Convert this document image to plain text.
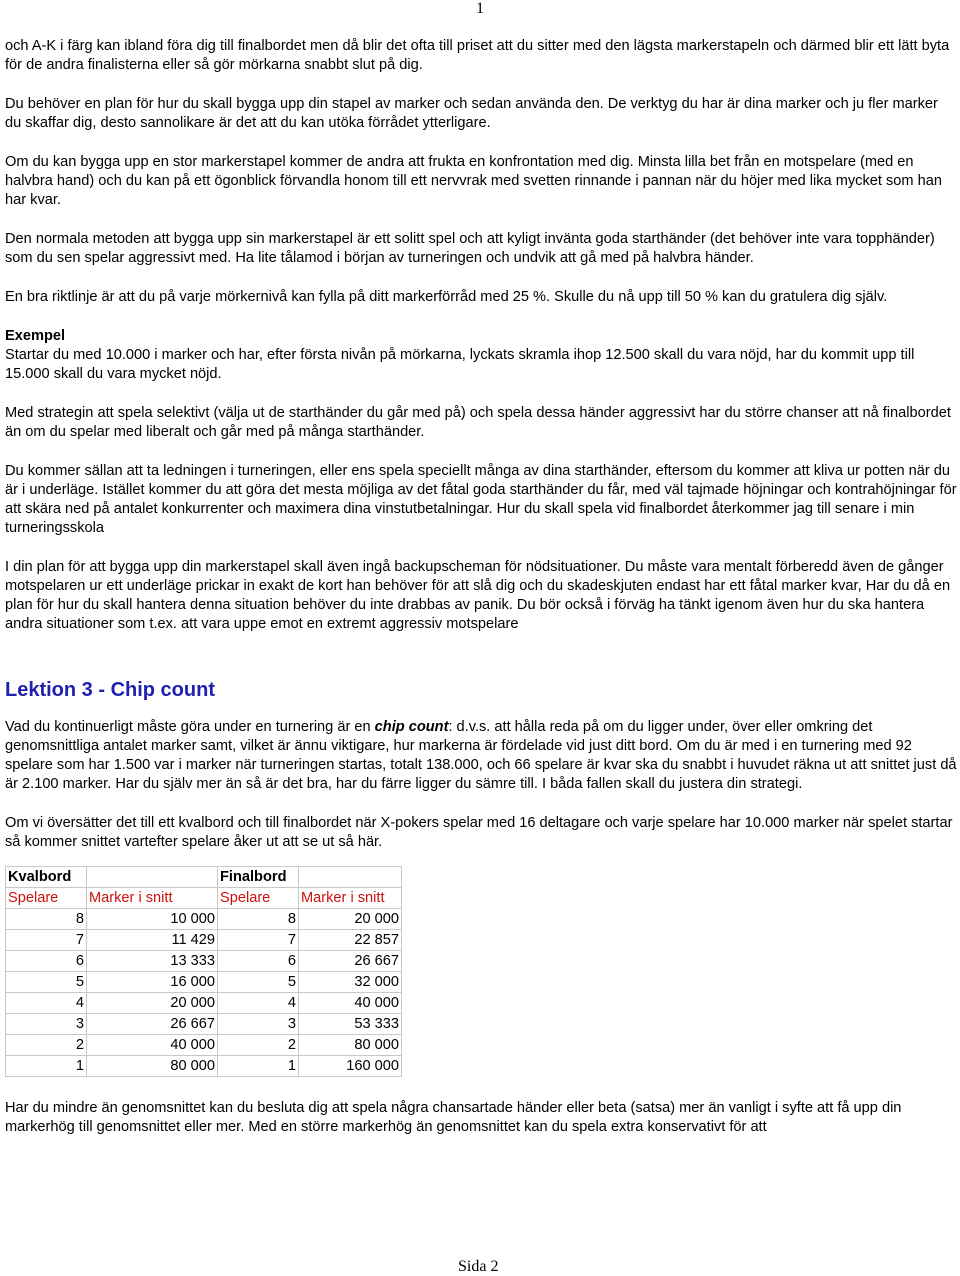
1

och A-K i färg kan ibland föra dig till finalbordet men då blir det ofta till priset att du sitter med den lägsta markerstapeln och därmed blir ett lätt byta för de andra finalisterna eller så gör mörkarna snabbt slut på dig.

Du behöver en plan för hur du skall bygga upp din stapel av marker och sedan använda den. De verktyg du har är dina marker och ju fler marker du skaffar dig, desto sannolikare är det att du kan utöka förrådet ytterligare.

Om du kan bygga upp en stor markerstapel kommer de andra att frukta en konfrontation med dig. Minsta lilla bet från en motspelare (med en halvbra hand) och du kan på ett ögonblick förvandla honom till ett nervvrak med svetten rinnande i pannan när du höjer med lika mycket som han har kvar.

Den normala metoden att bygga upp sin markerstapel är ett solitt spel och att kyligt invänta goda starthänder (det behöver inte vara topphänder) som du sen spelar aggressivt med. Ha lite tålamod i början av turneringen och undvik att gå med på halvbra händer.

En bra riktlinje är att du på varje mörkernivå kan fylla på ditt markerförråd med 25 %. Skulle du nå upp till 50 % kan du gratulera dig själv.

Exempel

Startar du med 10.000 i marker och har, efter första nivån på mörkarna, lyckats skramla ihop 12.500 skall du vara nöjd, har du kommit upp till 15.000 skall du vara mycket nöjd.

Med strategin att spela selektivt (välja ut de starthänder du går med på) och spela dessa händer aggressivt har du större chanser att nå finalbordet än om du spelar med liberalt och går med på många starthänder.

Du kommer sällan att ta ledningen i turneringen, eller ens spela speciellt många av dina starthänder, eftersom du kommer att kliva ur potten när du är i underläge. Istället kommer du att göra det mesta möjliga av det fåtal goda starthänder du får, med väl tajmade höjningar och kontrahöjningar för att skära ned på antalet konkurrenter och maximera dina vinstutbetalningar. Hur du skall spela vid finalbordet återkommer jag till senare i min turneringsskola

I din plan för att bygga upp din markerstapel skall även ingå backupscheman för nödsituationer. Du måste vara mentalt förberedd även de gånger motspelaren ur ett underläge prickar in exakt de kort han behöver för att slå dig och du skadeskjuten endast har ett fåtal marker kvar, Har du då en plan för hur du skall hantera denna situation behöver du inte drabbas av panik. Du bör också i förväg ha tänkt igenom även hur du ska hantera andra situationer som t.ex. att vara uppe emot en extremt aggressiv motspelare

Lektion 3 - Chip count

Vad du kontinuerligt måste göra under en turnering är en chip count: d.v.s. att hålla reda på om du ligger under, över eller omkring det genomsnittliga antalet marker samt, vilket är ännu viktigare, hur markerna är fördelade vid just ditt bord. Om du är med i en turnering med 92 spelare som har 1.500 var i marker när turneringen startas, totalt 138.000, och 66 spelare är kvar ska du snabbt i huvudet räkna ut att snittet just då är 2.100 marker. Har du själv mer än så är det bra, har du färre ligger du sämre till. I båda fallen skall du justera din strategi.

Om vi översätter det till ett kvalbord och till finalbordet när X-pokers spelar med 16 deltagare och varje spelare har 10.000 marker när spelet startar så kommer snittet vartefter spelare åker ut att se ut så här.

Kvalbord		Finalbord	
Spelare	Marker i snitt	Spelare	Marker i snitt
8	10 000	8	20 000
7	11 429	7	22 857
6	13 333	6	26 667
5	16 000	5	32 000
4	20 000	4	40 000
3	26 667	3	53 333
2	40 000	2	80 000
1	80 000	1	160 000

Har du mindre än genomsnittet kan du besluta dig att spela några chansartade händer eller beta (satsa) mer än vanligt i syfte att få upp din markerhög till genomsnittet eller mer. Med en större markerhög än genomsnittet kan du spela extra konservativt för att

Sida 2
